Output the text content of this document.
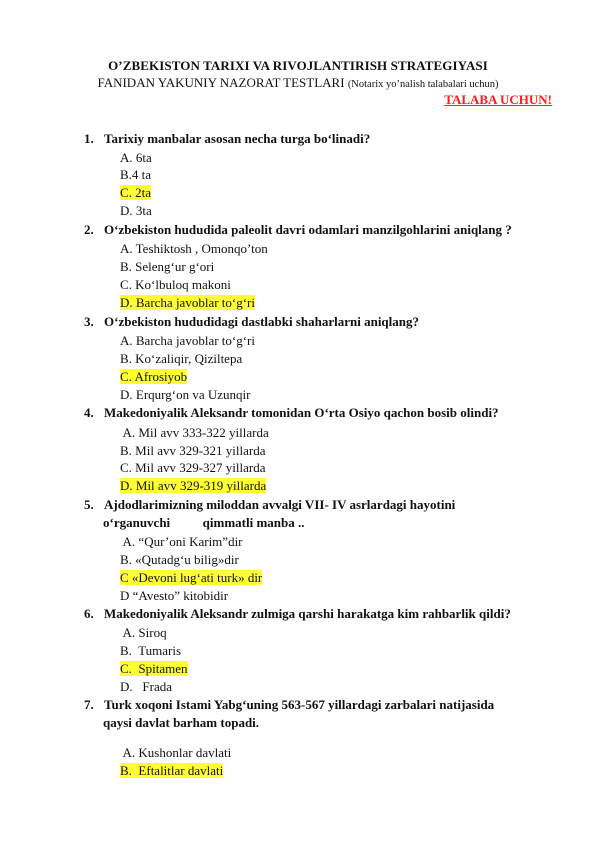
O’ZBEKISTON TARIXI VA RIVOJLANTIRISH STRATEGIYASI
FANIDAN YAKUNIY NAZORAT TESTLARI (Notarix yo’nalish talabalari uchun)
TALABA UCHUN!
1. Tarixiy manbalar asosan necha turga bo‘linadi?
A. 6ta
B.4 ta
C. 2ta
D. 3ta
2. O‘zbekiston hududida paleolit davri odamlari manzilgohlarini aniqlang ?
A. Teshiktosh , Omonqo’ton
B. Seleng‘ur g‘ori
C. Ko‘lbuloq makoni
D. Barcha javoblar to‘g‘ri
3. O‘zbekiston hududidagi dastlabki shaharlarni aniqlang?
A. Barcha javoblar to‘g‘ri
B. Ko‘zaliqir, Qiziltepa
C. Afrosiyob
D. Erqurg‘on va Uzunqir
4. Makedoniyalik Aleksandr tomonidan O‘rta Osiyo qachon bosib olindi?
A. Mil avv 333-322 yillarda
B. Mil avv 329-321 yillarda
C. Mil avv 329-327 yillarda
D. Mil avv 329-319 yillarda
5. Ajdodlarimizning miloddan avvalgi VII- IV asrlardagi hayotini
o‘rganuvchi          qimmatli manba ..
A. “Qur’oni Karim”dir
B. «Qutadg‘u bilig»dir
C «Devoni lug‘ati turk» dir
D “Avesto” kitobidir
6. Makedoniyalik Aleksandr zulmiga qarshi harakatga kim rahbarlik qildi?
A. Siroq
B.  Tumaris
C.  Spitamen
D.   Frada
7. Turk xoqoni Istami Yabg‘uning 563-567 yillardagi zarbalari natijasida
qaysi davlat barham topadi.
A. Kushonlar davlati
B.  Eftalitlar davlati
